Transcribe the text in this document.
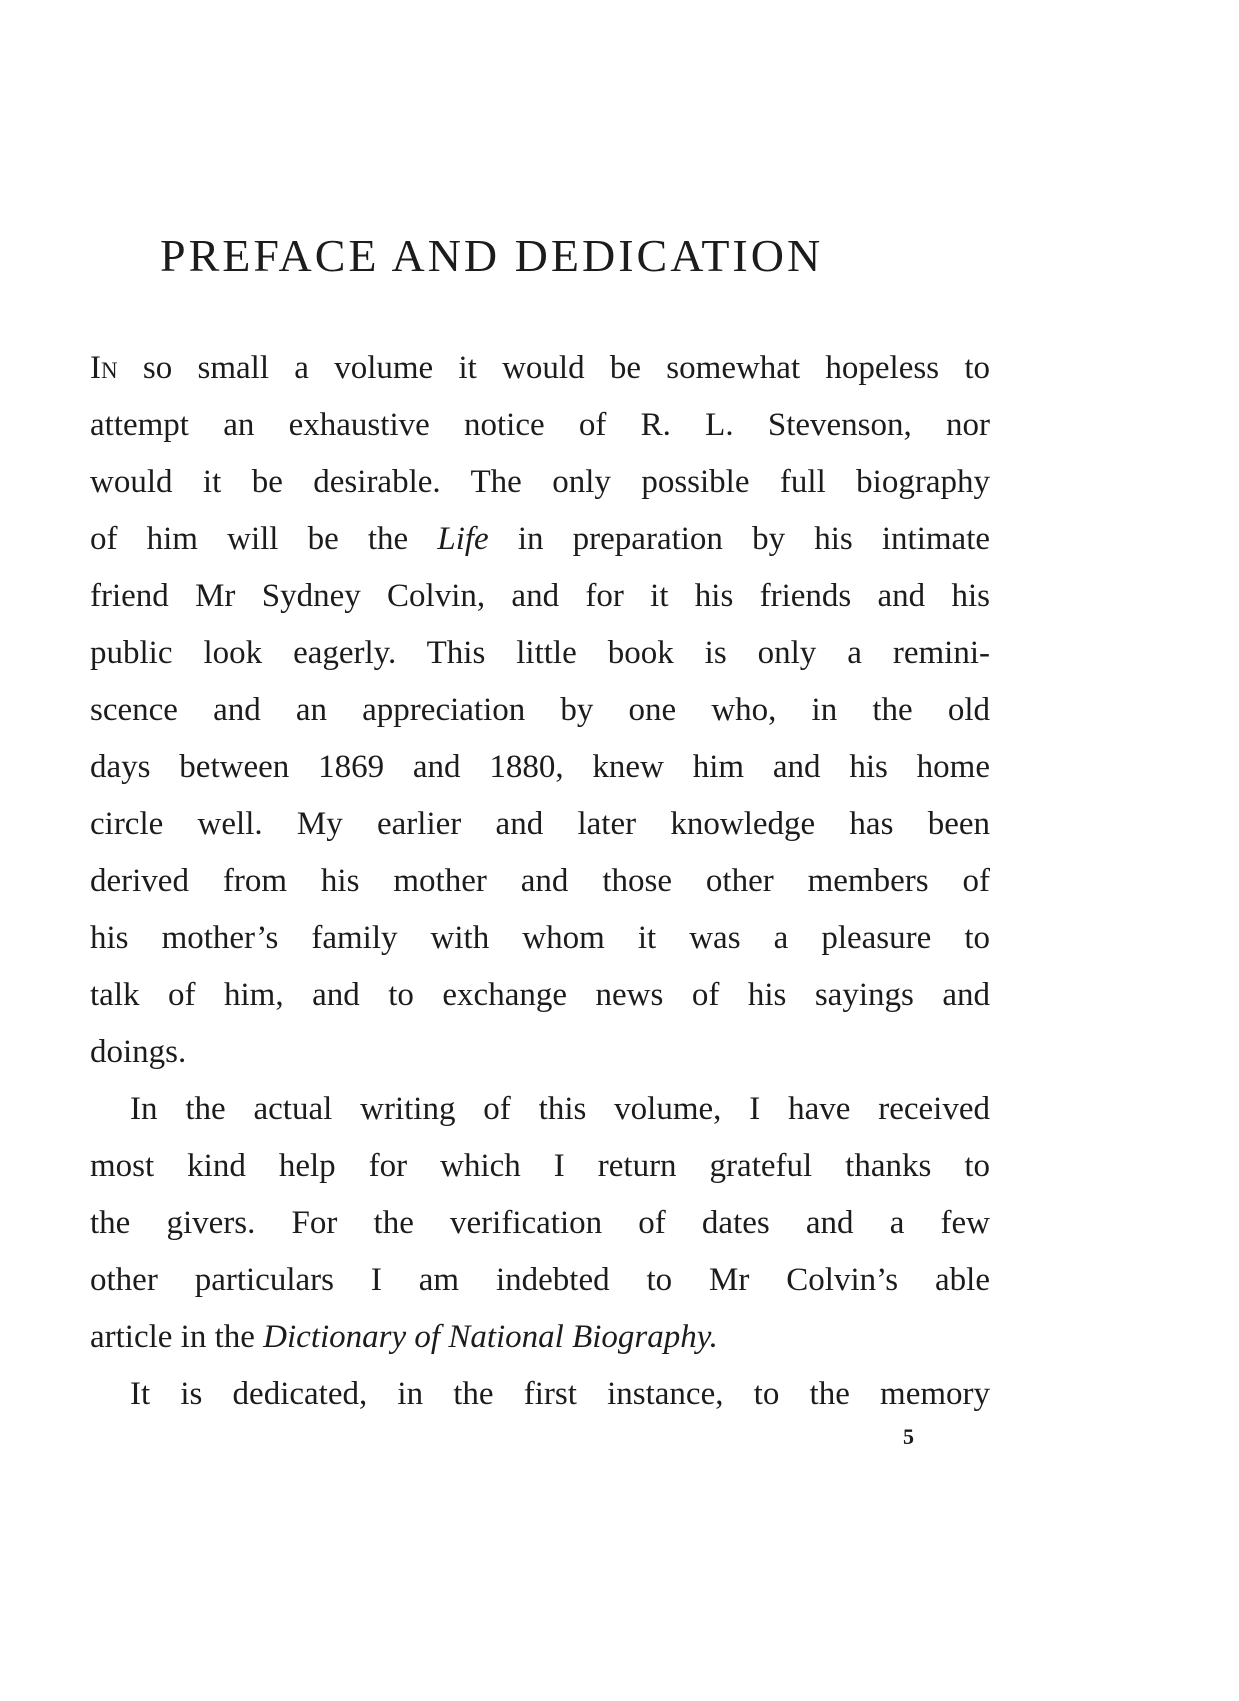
PREFACE AND DEDICATION
In so small a volume it would be somewhat hopeless to
attempt an exhaustive notice of R. L. Stevenson, nor
would it be desirable. The only possible full biography
of him will be the Life in preparation by his intimate
friend Mr Sydney Colvin, and for it his friends and his
public look eagerly. This little book is only a remini-
scence and an appreciation by one who, in the old
days between 1869 and 1880, knew him and his home
circle well. My earlier and later knowledge has been
derived from his mother and those other members of
his mother’s family with whom it was a pleasure to
talk of him, and to exchange news of his sayings and
doings.
In the actual writing of this volume, I have received
most kind help for which I return grateful thanks to
the givers. For the verification of dates and a few
other particulars I am indebted to Mr Colvin’s able
article in the Dictionary of National Biography.
It is dedicated, in the first instance, to the memory
5
